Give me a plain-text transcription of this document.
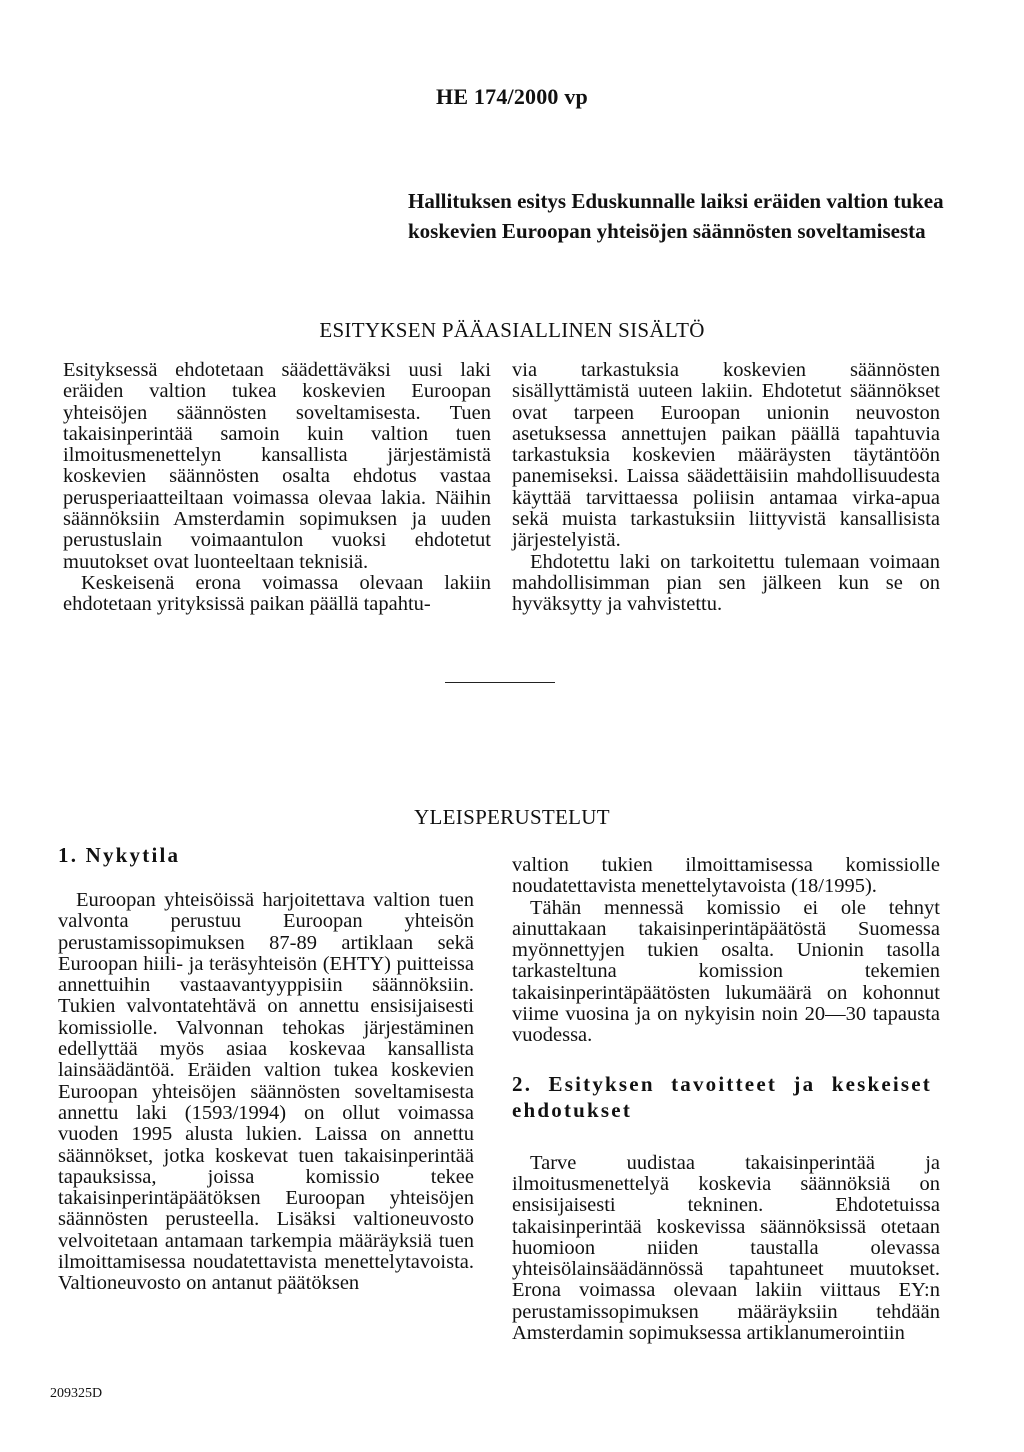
HE 174/2000 vp
Hallituksen esitys Eduskunnalle laiksi eräiden valtion tukea koskevien Euroopan yhteisöjen säännösten soveltamisesta
ESITYKSEN PÄÄASIALLINEN SISÄLTÖ

Esityksessä ehdotetaan säädettäväksi uusi laki eräiden valtion tukea koskevien Euroopan yhteisöjen säännösten soveltamisesta. Tuen takaisinperintää samoin kuin valtion tuen ilmoitusmenettelyn kansallista järjestämistä koskevien säännösten osalta ehdotus vastaa perusperiaatteiltaan voimassa olevaa lakia. Näihin säännöksiin Amsterdamin sopimuksen ja uuden perustuslain voimaantulon vuoksi ehdotetut muutokset ovat luonteeltaan teknisiä.

Keskeisenä erona voimassa olevaan lakiin ehdotetaan yrityksissä paikan päällä tapahtu-

via tarkastuksia koskevien säännösten sisällyttämistä uuteen lakiin. Ehdotetut säännökset ovat tarpeen Euroopan unionin neuvoston asetuksessa annettujen paikan päällä tapahtuvia tarkastuksia koskevien määräysten täytäntöön panemiseksi. Laissa säädettäisiin mahdollisuudesta käyttää tarvittaessa poliisin antamaa virka-apua sekä muista tarkastuksiin liittyvistä kansallisista järjestelyistä.

Ehdotettu laki on tarkoitettu tulemaan voimaan mahdollisimman pian sen jälkeen kun se on hyväksytty ja vahvistettu.

YLEISPERUSTELUT
1. Nykytila

Euroopan yhteisöissä harjoitettava valtion tuen valvonta perustuu Euroopan yhteisön perustamissopimuksen 87-89 artiklaan sekä Euroopan hiili- ja teräsyhteisön (EHTY) puitteissa annettuihin vastaavantyyppisiin säännöksiin. Tukien valvontatehtävä on annettu ensisijaisesti komissiolle. Valvonnan tehokas järjestäminen edellyttää myös asiaa koskevaa kansallista lainsäädäntöä. Eräiden valtion tukea koskevien Euroopan yhteisöjen säännösten soveltamisesta annettu laki (1593/1994) on ollut voimassa vuoden 1995 alusta lukien. Laissa on annettu säännökset, jotka koskevat tuen takaisinperintää tapauksissa, joissa komissio tekee takaisinperintäpäätöksen Euroopan yhteisöjen säännösten perusteella. Lisäksi valtioneuvosto velvoitetaan antamaan tarkempia määräyksiä tuen ilmoittamisessa noudatettavista menettelytavoista. Valtioneuvosto on antanut päätöksen

valtion tukien ilmoittamisessa komissiolle noudatettavista menettelytavoista (18/1995).

Tähän mennessä komissio ei ole tehnyt ainuttakaan takaisinperintäpäätöstä Suomessa myönnettyjen tukien osalta. Unionin tasolla tarkasteltuna komission tekemien takaisinperintäpäätösten lukumäärä on kohonnut viime vuosina ja on nykyisin noin 20—30 tapausta vuodessa.

2. Esityksen tavoitteet ja keskeiset ehdotukset

Tarve uudistaa takaisinperintää ja ilmoitusmenettelyä koskevia säännöksiä on ensisijaisesti tekninen. Ehdotetuissa takaisinperintää koskevissa säännöksissä otetaan huomioon niiden taustalla olevassa yhteisölainsäädännössä tapahtuneet muutokset. Erona voimassa olevaan lakiin viittaus EY:n perustamissopimuksen määräyksiin tehdään Amsterdamin sopimuksessa artiklanumerointiin

209325D
